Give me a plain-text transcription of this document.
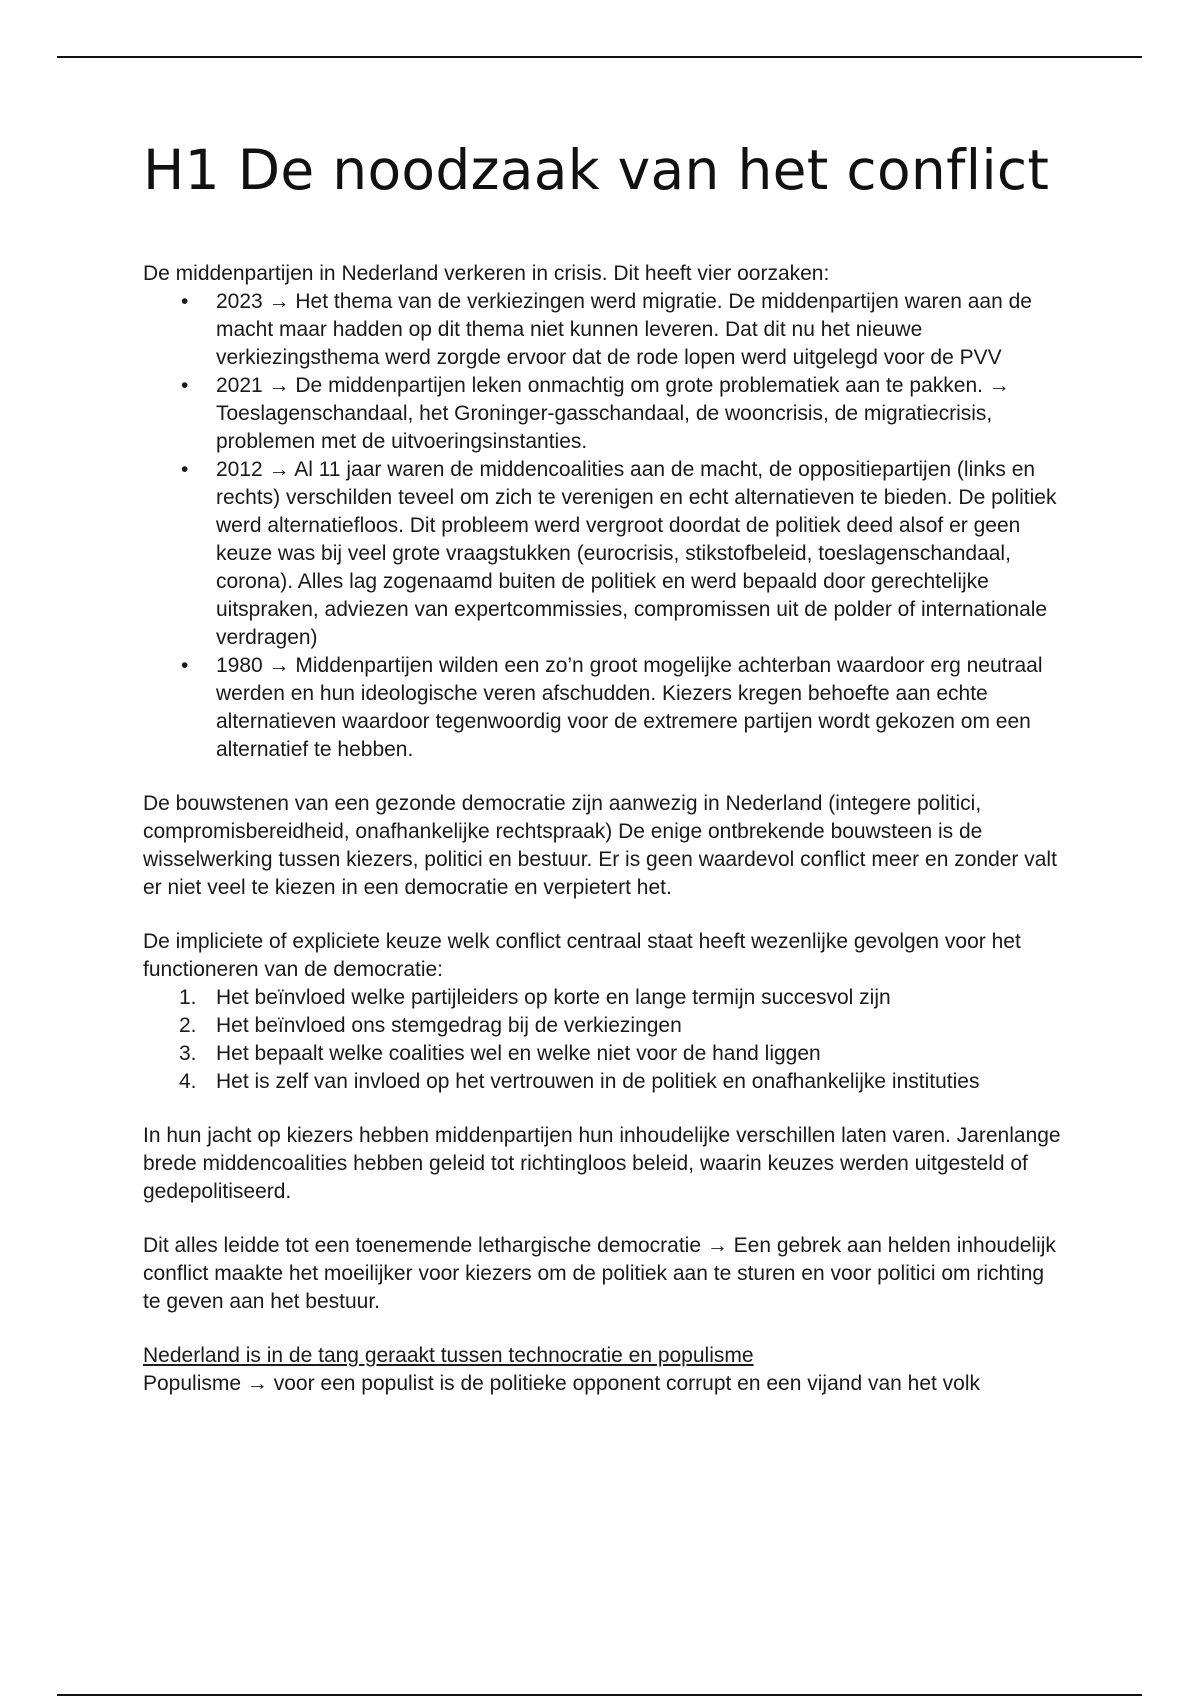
H1 De noodzaak van het conflict

De middenpartijen in Nederland verkeren in crisis. Dit heeft vier oorzaken:

• 2023 → Het thema van de verkiezingen werd migratie. De middenpartijen waren aan de macht maar hadden op dit thema niet kunnen leveren. Dat dit nu het nieuwe verkiezingsthema werd zorgde ervoor dat de rode lopen werd uitgelegd voor de PVV
• 2021 → De middenpartijen leken onmachtig om grote problematiek aan te pakken. → Toeslagenschandaal, het Groninger-gasschandaal, de wooncrisis, de migratiecrisis, problemen met de uitvoeringsinstanties.
• 2012 → Al 11 jaar waren de middencoalities aan de macht, de oppositiepartijen (links en rechts) verschilden teveel om zich te verenigen en echt alternatieven te bieden. De politiek werd alternatiefloos. Dit probleem werd vergroot doordat de politiek deed alsof er geen keuze was bij veel grote vraagstukken (eurocrisis, stikstofbeleid, toeslagenschandaal, corona). Alles lag zogenaamd buiten de politiek en werd bepaald door gerechtelijke uitspraken, adviezen van expertcommissies, compromissen uit de polder of internationale verdragen)
• 1980 → Middenpartijen wilden een zo’n groot mogelijke achterban waardoor erg neutraal werden en hun ideologische veren afschudden. Kiezers kregen behoefte aan echte alternatieven waardoor tegenwoordig voor de extremere partijen wordt gekozen om een alternatief te hebben.

De bouwstenen van een gezonde democratie zijn aanwezig in Nederland (integere politici, compromisbereidheid, onafhankelijke rechtspraak) De enige ontbrekende bouwsteen is de wisselwerking tussen kiezers, politici en bestuur. Er is geen waardevol conflict meer en zonder valt er niet veel te kiezen in een democratie en verpietert het.

De impliciete of expliciete keuze welk conflict centraal staat heeft wezenlijke gevolgen voor het functioneren van de democratie:

1. Het beïnvloed welke partijleiders op korte en lange termijn succesvol zijn
2. Het beïnvloed ons stemgedrag bij de verkiezingen
3. Het bepaalt welke coalities wel en welke niet voor de hand liggen
4. Het is zelf van invloed op het vertrouwen in de politiek en onafhankelijke instituties

In hun jacht op kiezers hebben middenpartijen hun inhoudelijke verschillen laten varen. Jarenlange brede middencoalities hebben geleid tot richtingloos beleid, waarin keuzes werden uitgesteld of gedepolitiseerd.

Dit alles leidde tot een toenemende lethargische democratie → Een gebrek aan helden inhoudelijk conflict maakte het moeilijker voor kiezers om de politiek aan te sturen en voor politici om richting te geven aan het bestuur.

Nederland is in de tang geraakt tussen technocratie en populisme

Populisme → voor een populist is de politieke opponent corrupt en een vijand van het volk
